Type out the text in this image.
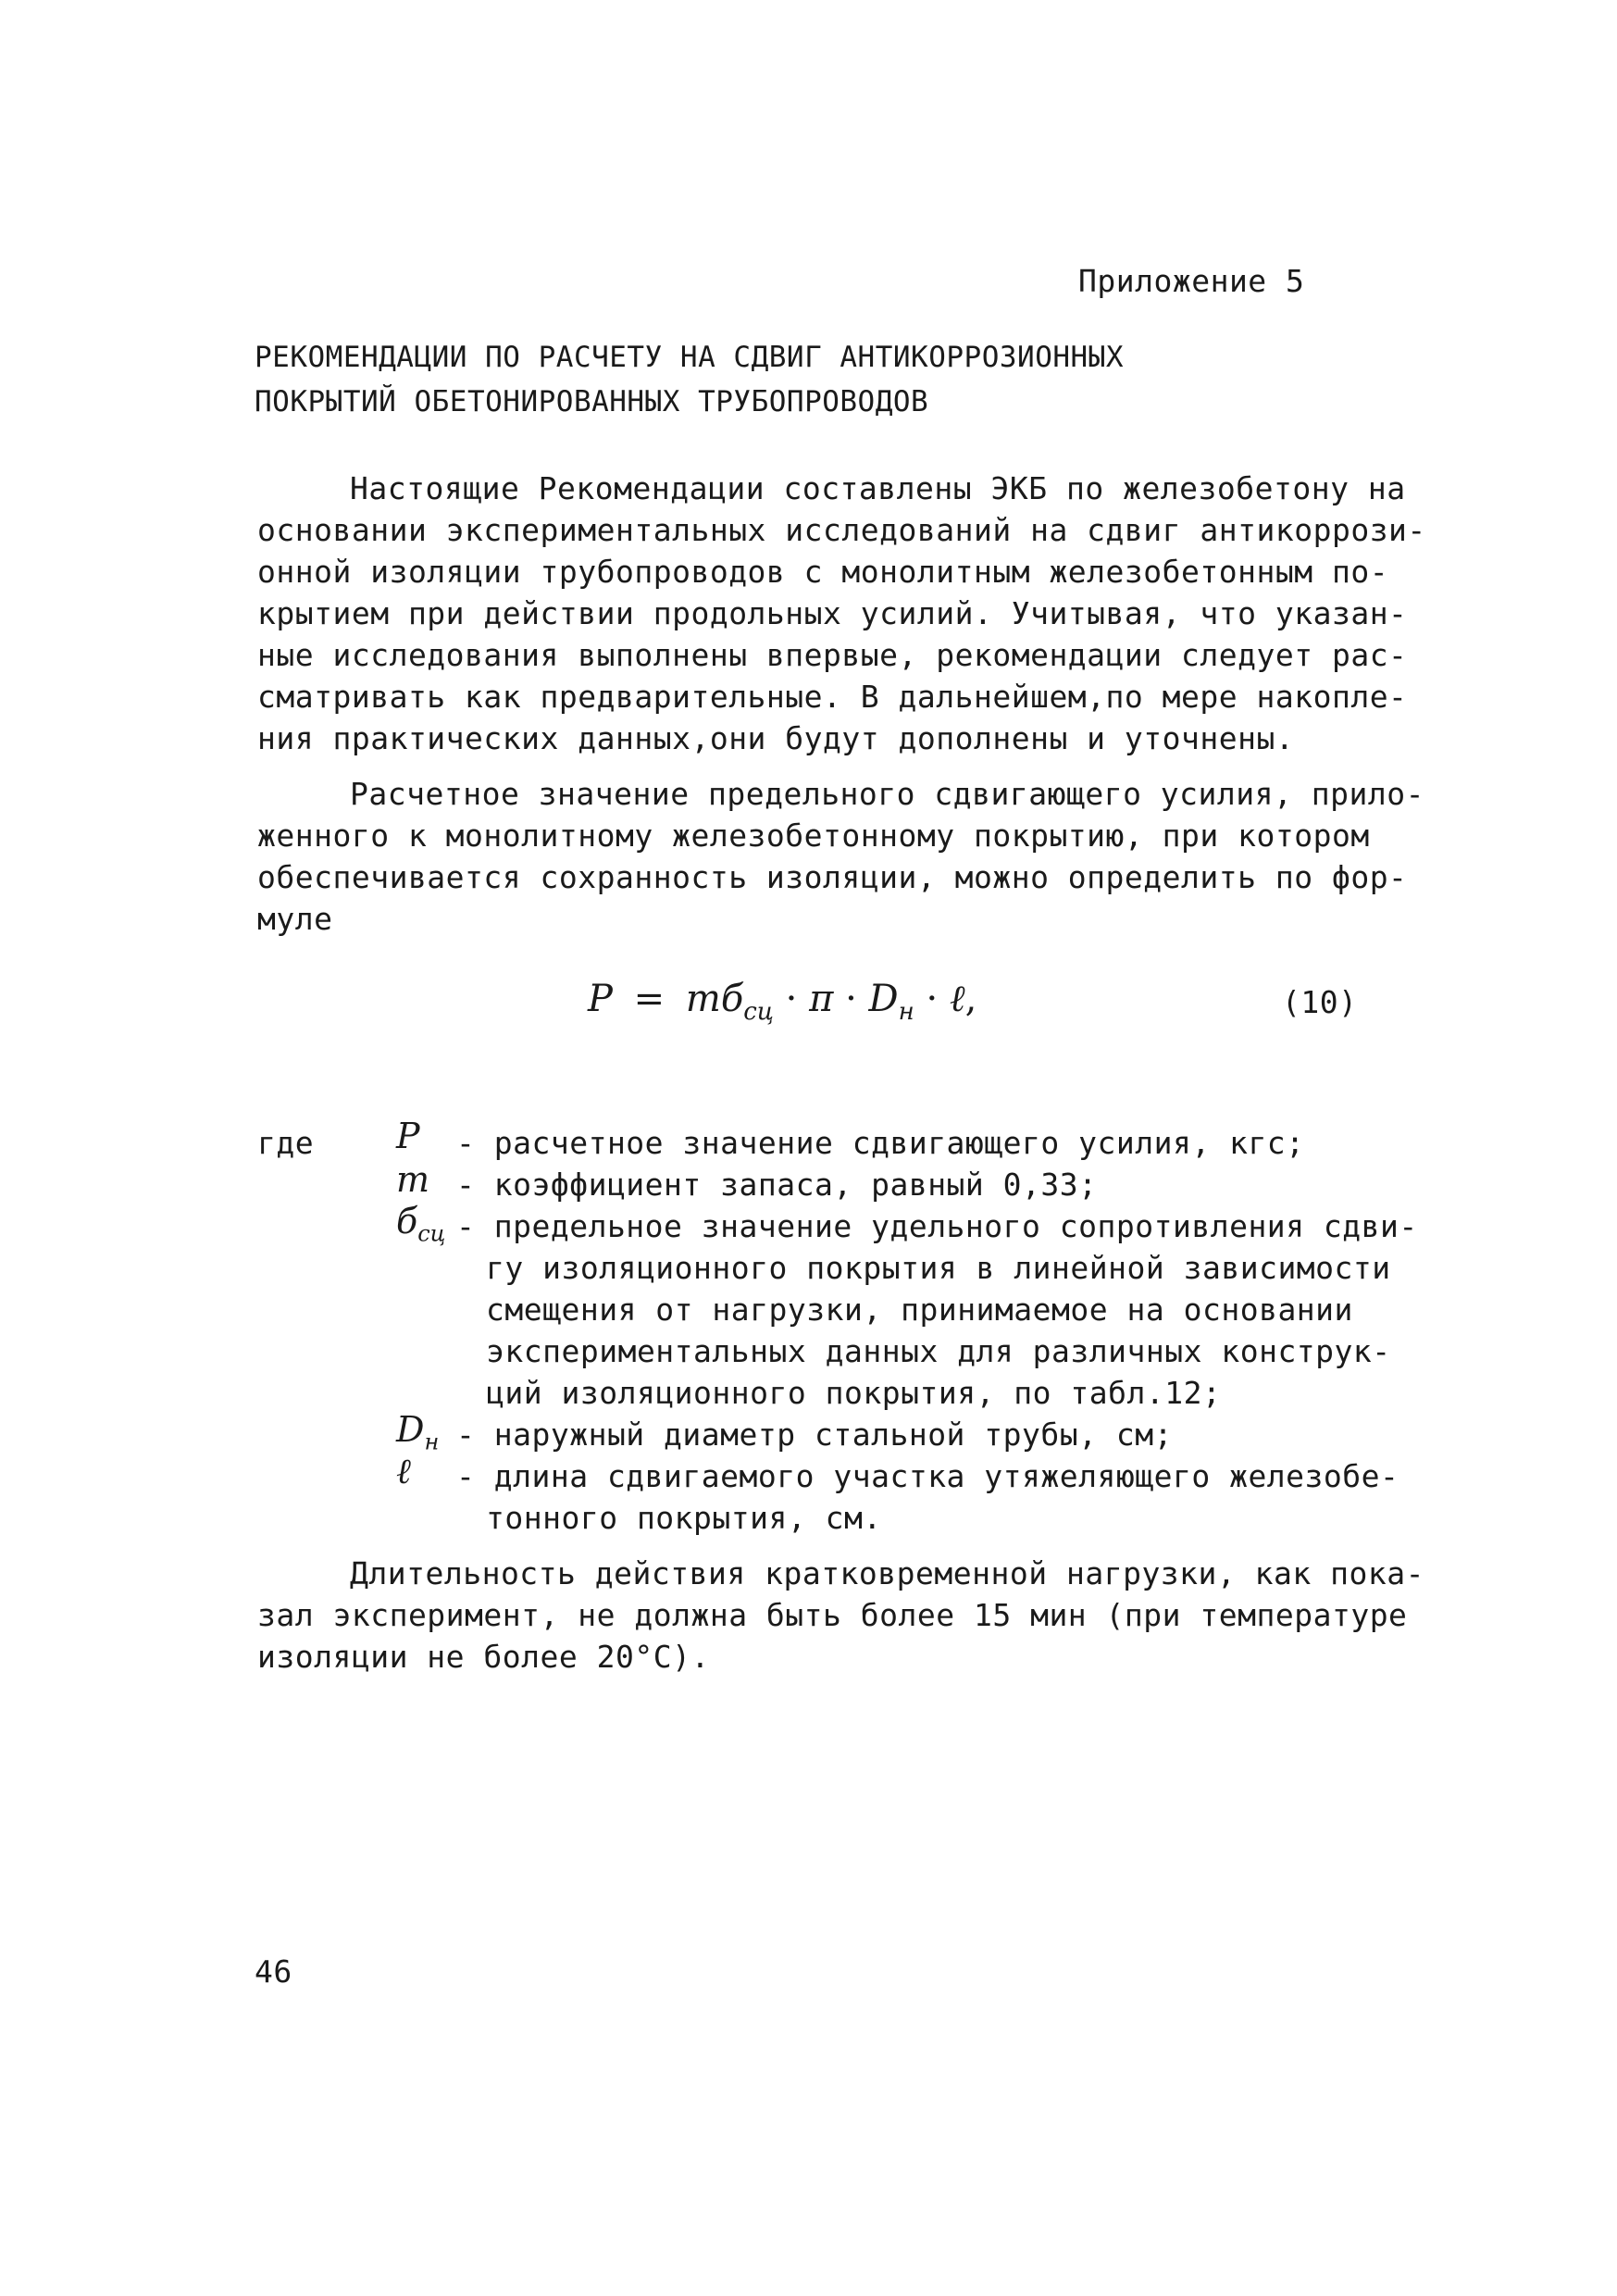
Приложение 5
РЕКОМЕНДАЦИИ ПО РАСЧЕТУ НА СДВИГ АНТИКОРРОЗИОННЫХ
ПОКРЫТИЙ ОБЕТОНИРОВАННЫХ ТРУБОПРОВОДОВ
Настоящие Рекомендации составлены ЭКБ по железобетону на
основании экспериментальных исследований на сдвиг антикоррози-
онной изоляции трубопроводов с монолитным железобетонным по-
крытием при действии продольных усилий. Учитывая, что указан-
ные исследования выполнены впервые, рекомендации следует рас-
сматривать как предварительные. В дальнейшем,по мере накопле-
ния практических данных,они будут дополнены и уточнены.
Расчетное значение предельного сдвигающего усилия, прило-
женного к монолитному железобетонному покрытию, при котором
обеспечивается сохранность изоляции, можно определить по фор-
муле
$P = mб_{сц} \cdot \pi \cdot D_н$ · ℓ,	(10)
где P - расчетное значение сдвигающего усилия, кгс;
m - коэффициент запаса, равный 0,33;
$б_{сц}$ - предельное значение удельного сопротивления сдви-
гу изоляционного покрытия в линейной зависимости
смещения от нагрузки, принимаемое на основании
экспериментальных данных для различных конструк-
ций изоляционного покрытия, по табл.12;
$D_н$ - наружный диаметр стальной трубы, см;
ℓ - длина сдвигаемого участка утяжеляющего железобе-
тонного покрытия, см.
Длительность действия кратковременной нагрузки, как пока-
зал эксперимент, не должна быть более 15 мин (при температуре
изоляции не более 20°С).
46
